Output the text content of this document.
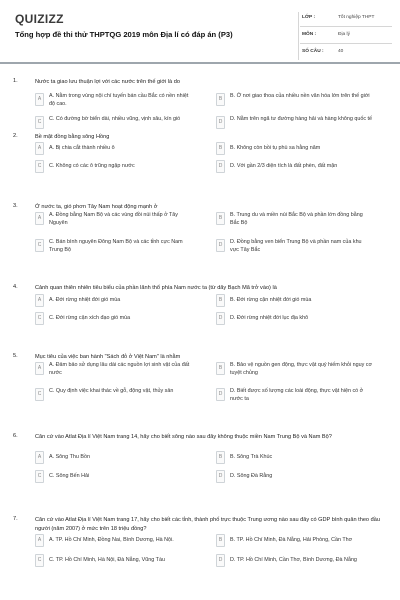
QUIZIZZ
Tổng hợp đề thi thử THPTQG 2019 môn Địa lí có đáp án (P3)
LỚP :	Tốt nghiệp THPT
MÔN :	Địa lý
SỐ CÂU :	40
1.	Nước ta giao lưu thuận lợi với các nước trên thế giới là do
A	A. Nằm trong vùng nội chí tuyến bán cầu Bắc có nền nhiệt độ cao.
B	B. Ở nơi giao thoa của nhiều nền văn hóa lớn trên thế giới
C	C. Có đường bờ biển dài, nhiều vũng, vịnh sâu, kín gió	D	D. Nằm trên ngã tư đường hàng hải và hàng không quốc tế
2.	Bề mặt đồng bằng sông Hồng
A	A. Bị chia cắt thành nhiều ô	B	B. Không còn bồi tụ phù sa hằng năm
C	C. Không có các ô trũng ngập nước	D	D. Với gần 2/3 diện tích là đất phèn, đất mặn
3.	Ở nước ta, gió phơn Tây Nam hoạt động mạnh ở
A	A. Đồng bằng Nam Bộ và các vùng đồi núi thấp ở Tây Nguyên
B	B. Trung du và miền núi Bắc Bộ và phần lớn đồng bằng Bắc Bộ
C	C. Bán bình nguyên Đông Nam Bộ và các tỉnh cực Nam Trung Bộ
D	D. Đồng bằng ven biển Trung Bộ và phần nam của khu vực Tây Bắc
4.	Cảnh quan thiên nhiên tiêu biểu của phần lãnh thổ phía Nam nước ta (từ dãy Bạch Mã trở vào) là
A	A. Đới rừng nhiệt đới gió mùa	B	B. Đới rừng cận nhiệt đới gió mùa
C	C. Đới rừng cận xích đạo gió mùa	D	D. Đới rừng nhiệt đới lục địa khô
5.	Mục tiêu của việc ban hành "Sách đỏ ở Việt Nam" là nhằm
A	A. Đảm bảo sử dụng lâu dài các nguồn lợi sinh vật của đất nước
B	B. Bảo vệ nguồn gen động, thực vật quý hiếm khỏi nguy cơ tuyệt chủng
C	C. Quy định việc khai thác về gỗ, động vật, thủy sản	D	D. Biết được số lượng các loài động, thực vật hiện có ở nước ta
6.	Căn cứ vào Atlat Địa lí Việt Nam trang 14, hãy cho biết sông nào sau đây không thuộc miền Nam Trung Bộ và Nam Bộ?
A	A. Sông Thu Bồn	B	B. Sông Trà Khúc
C	C. Sông Bến Hải	D	D. Sông Đà Rằng
7.	Căn cứ vào Atlat Địa lí Việt Nam trang 17, hãy cho biết các tỉnh, thành phố trực thuộc Trung ương nào sau đây có GDP bình quân theo đầu người (năm 2007) ở mức trên 18 triệu đồng?
A	A. TP. Hồ Chí Minh, Đồng Nai, Bình Dương, Hà Nội.	B	B. TP. Hồ Chí Minh, Đà Nẵng, Hải Phòng, Cần Thơ
C	C. TP. Hồ Chí Minh, Hà Nội, Đà Nẵng, Vũng Tàu	D	D. TP. Hồ Chí Minh, Cần Thơ, Bình Dương, Đà Nẵng
